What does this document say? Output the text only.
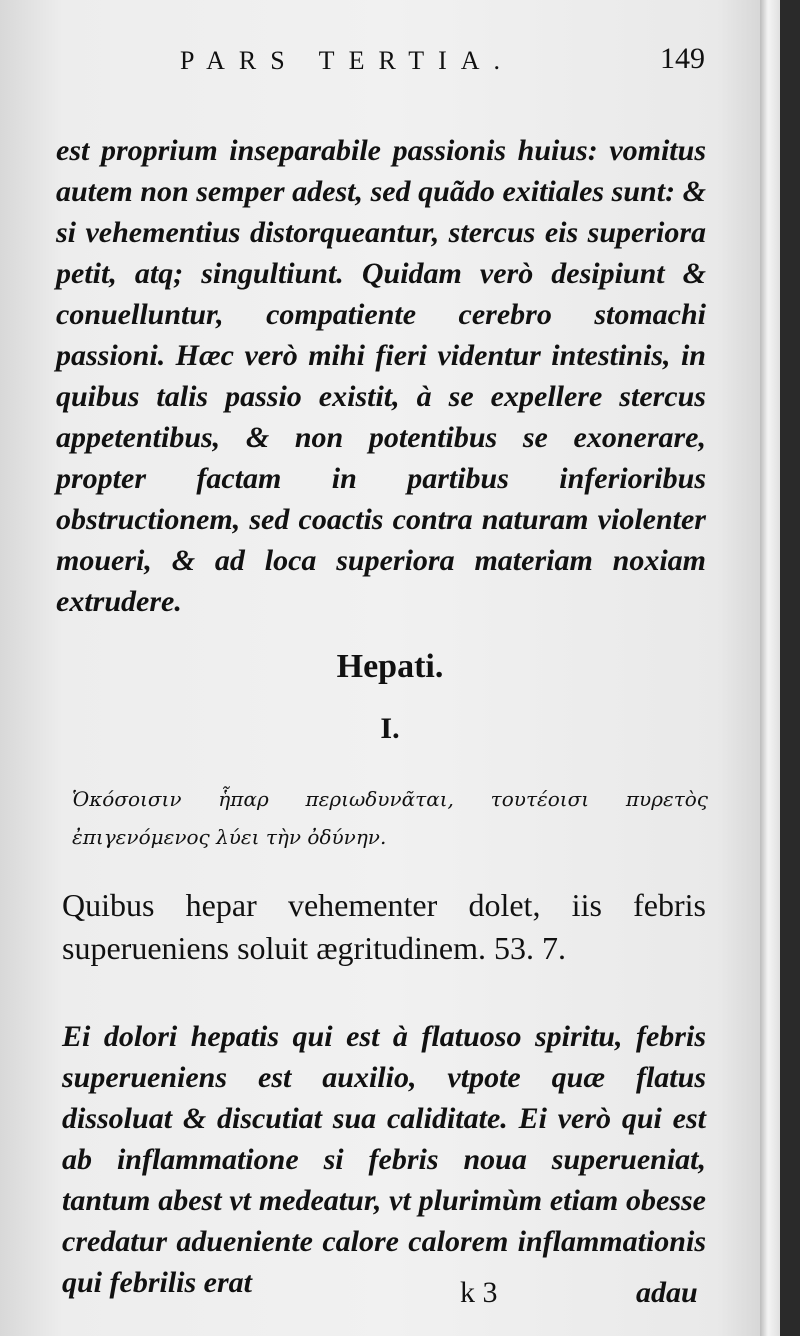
PARS TERTIA.	149

est proprium inseparabile passionis huius: vomitus autem non semper adest, sed quãdo exitiales sunt: & si vehementius distorqueantur, stercus eis superiora petit, atq; singultiunt. Quidam verò desipiunt & conuelluntur, compatiente cerebro stomachi passioni. Hæc verò mihi fieri videntur intestinis, in quibus talis passio existit, à se expellere stercus appetentibus, & non potentibus se exonerare, propter factam in partibus inferioribus obstructionem, sed coactis contra naturam violenter moueri, & ad loca superiora materiam noxiam extrudere.

Hepati.
I.

Ὁκόσοισιν ἧπαρ περιωδυνᾶται, τουτέοισι πυρετὸς ἐπιγενόμενος λύει τὴν ὀδύνην.

Quibus hepar vehementer dolet, iis febris superueniens soluit ægritudinem. 53. 7.

Ei dolori hepatis qui est à flatuoso spiritu, febris superueniens est auxilio, vtpote quæ flatus dissoluat & discutiat sua caliditate. Ei verò qui est ab inflammatione si febris noua superueniat, tantum abest vt medeatur, vt plurimùm etiam obesse credatur adueniente calore calorem inflammationis qui febrilis erat	k 3	adau
